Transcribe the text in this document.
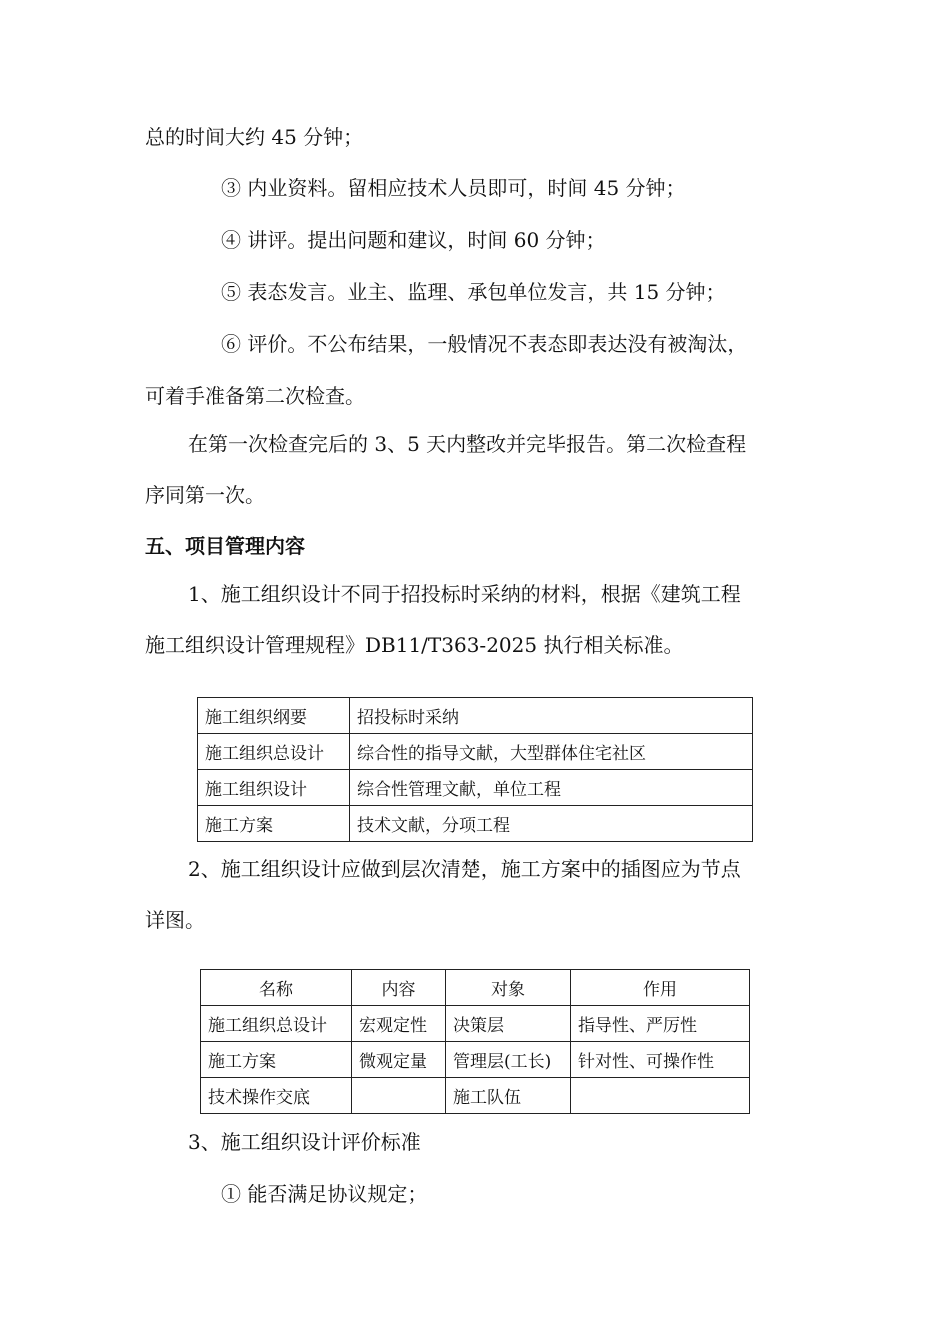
总的时间大约 45 分钟；
③ 内业资料。留相应技术人员即可，时间 45 分钟；
④ 讲评。提出问题和建议，时间 60 分钟；
⑤ 表态发言。业主、监理、承包单位发言，共 15 分钟；
⑥ 评价。不公布结果，一般情况不表态即表达没有被淘汰，
可着手准备第二次检查。
在第一次检查完后的 3、5 天内整改并完毕报告。第二次检查程
序同第一次。
五、项目管理内容
1、施工组织设计不同于招投标时采纳的材料，根据《建筑工程
施工组织设计管理规程》DB11/T363-2025 执行相关标准。
施工组织纲要	招投标时采纳
施工组织总设计	综合性的指导文献，大型群体住宅社区
施工组织设计	综合性管理文献，单位工程
施工方案	技术文献，分项工程
2、施工组织设计应做到层次清楚，施工方案中的插图应为节点
详图。
名称	内容	对象	作用
施工组织总设计	宏观定性	决策层	指导性、严厉性
施工方案	微观定量	管理层(工长)	针对性、可操作性
技术操作交底		施工队伍	
3、施工组织设计评价标准
① 能否满足协议规定；
